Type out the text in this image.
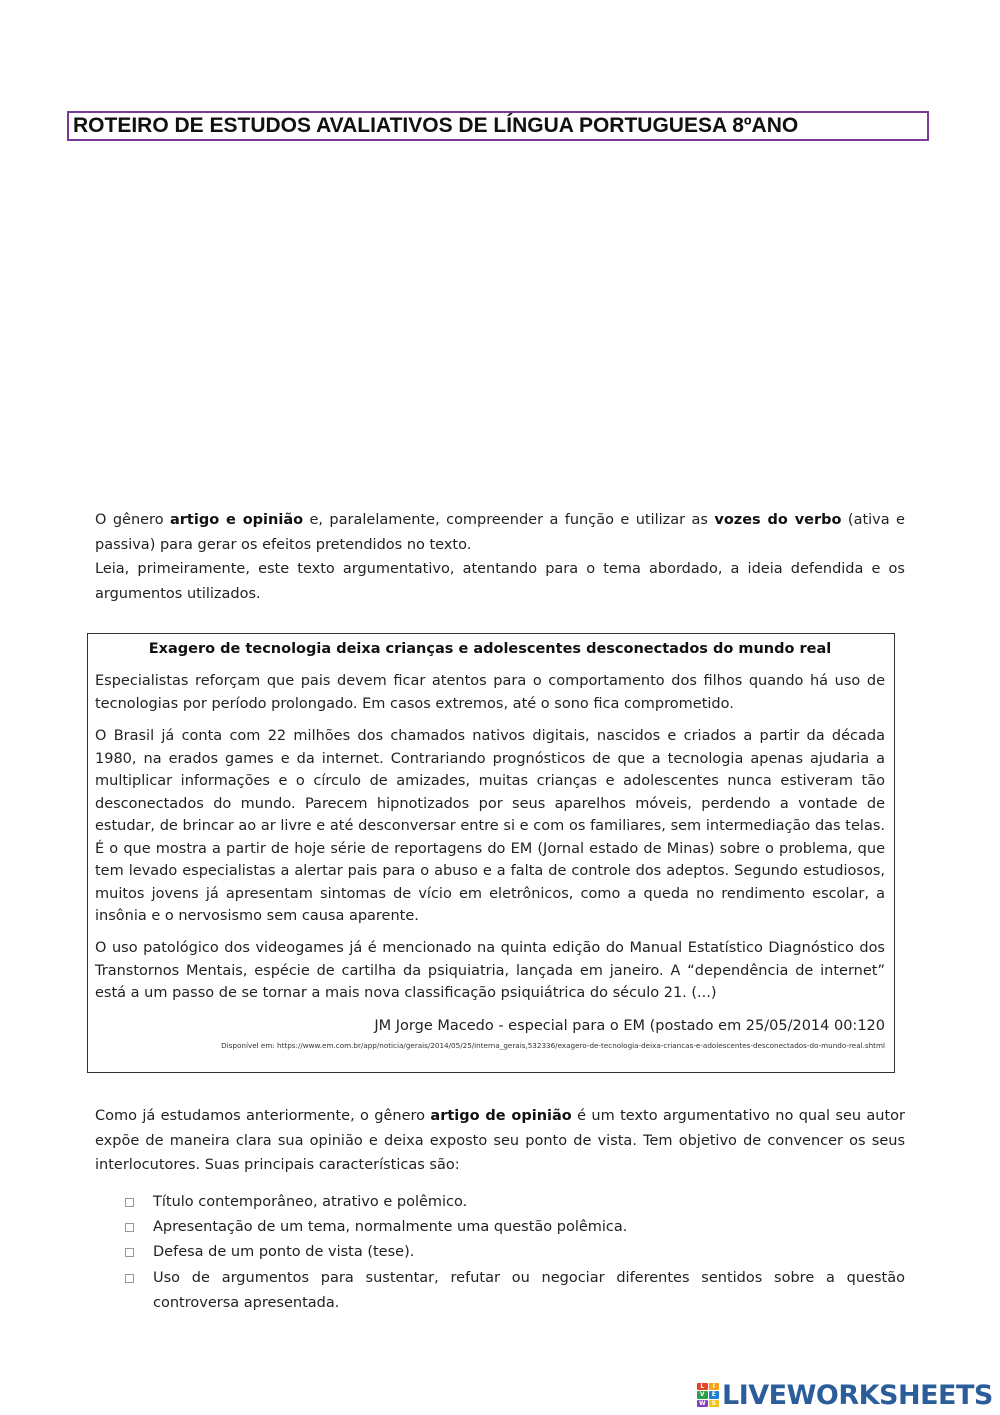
ROTEIRO DE ESTUDOS AVALIATIVOS DE LÍNGUA PORTUGUESA 8ºANO
O gênero artigo e opinião e, paralelamente, compreender a função e utilizar as vozes do verbo (ativa e passiva) para gerar os efeitos pretendidos no texto.
Leia, primeiramente, este texto argumentativo, atentando para o tema abordado, a ideia defendida e os argumentos utilizados.
Exagero de tecnologia deixa crianças e adolescentes desconectados do mundo real
Especialistas reforçam que pais devem ficar atentos para o comportamento dos filhos quando há uso de tecnologias por período prolongado. Em casos extremos, até o sono fica comprometido.
O Brasil já conta com 22 milhões dos chamados nativos digitais, nascidos e criados a partir da década 1980, na erados games e da internet. Contrariando prognósticos de que a tecnologia apenas ajudaria a multiplicar informações e o círculo de amizades, muitas crianças e adolescentes nunca estiveram tão desconectados do mundo. Parecem hipnotizados por seus aparelhos móveis, perdendo a vontade de estudar, de brincar ao ar livre e até desconversar entre si e com os familiares, sem intermediação das telas. É o que mostra a partir de hoje série de reportagens do EM (Jornal estado de Minas) sobre o problema, que tem levado especialistas a alertar pais para o abuso e a falta de controle dos adeptos. Segundo estudiosos, muitos jovens já apresentam sintomas de vício em eletrônicos, como a queda no rendimento escolar, a insônia e o nervosismo sem causa aparente.
O uso patológico dos videogames já é mencionado na quinta edição do Manual Estatístico Diagnóstico dos Transtornos Mentais, espécie de cartilha da psiquiatria, lançada em janeiro. A “dependência de internet” está a um passo de se tornar a mais nova classificação psiquiátrica do século 21. (...)
JM Jorge Macedo - especial para o EM (postado em 25/05/2014 00:120
Disponível em: https://www.em.com.br/app/noticia/gerais/2014/05/25/interna_gerais,532336/exagero-de-tecnologia-deixa-criancas-e-adolescentes-desconectados-do-mundo-real.shtml
Como já estudamos anteriormente, o gênero artigo de opinião é um texto argumentativo no qual seu autor expõe de maneira clara sua opinião e deixa exposto seu ponto de vista. Tem objetivo de convencer os seus interlocutores. Suas principais características são:
Título contemporâneo, atrativo e polêmico.
Apresentação de um tema, normalmente uma questão polêmica.
Defesa de um ponto de vista (tese).
Uso de argumentos para sustentar, refutar ou negociar diferentes sentidos sobre a questão controversa apresentada.
L	I
V	E
W	S LIVEWORKSHEETS
